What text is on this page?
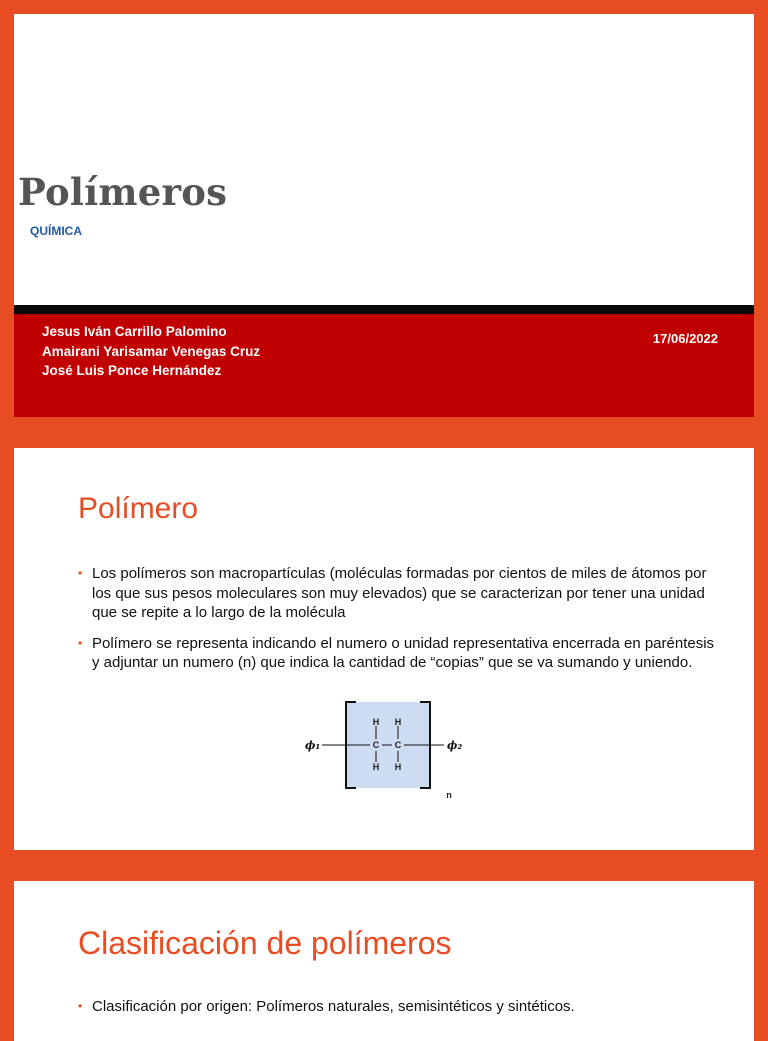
Polímeros
QUÍMICA
Jesus Iván Carrillo Palomino
Amairani Yarisamar Venegas Cruz
José Luis Ponce Hernández
17/06/2022
Polímero
• Los polímeros son macropartículas (moléculas formadas por cientos de miles de átomos por los que sus pesos moleculares son muy elevados) que se caracterizan por tener una unidad que se repite a lo largo de la molécula
• Polímero se representa indicando el numero o unidad representativa encerrada en paréntesis y adjuntar un numero (n) que indica la cantidad de “copias” que se va sumando y uniendo.
H H
C C
H H
n
ϕ₁	ϕ₂
Clasificación de polímeros
• Clasificación por origen: Polímeros naturales, semisintéticos y sintéticos.
